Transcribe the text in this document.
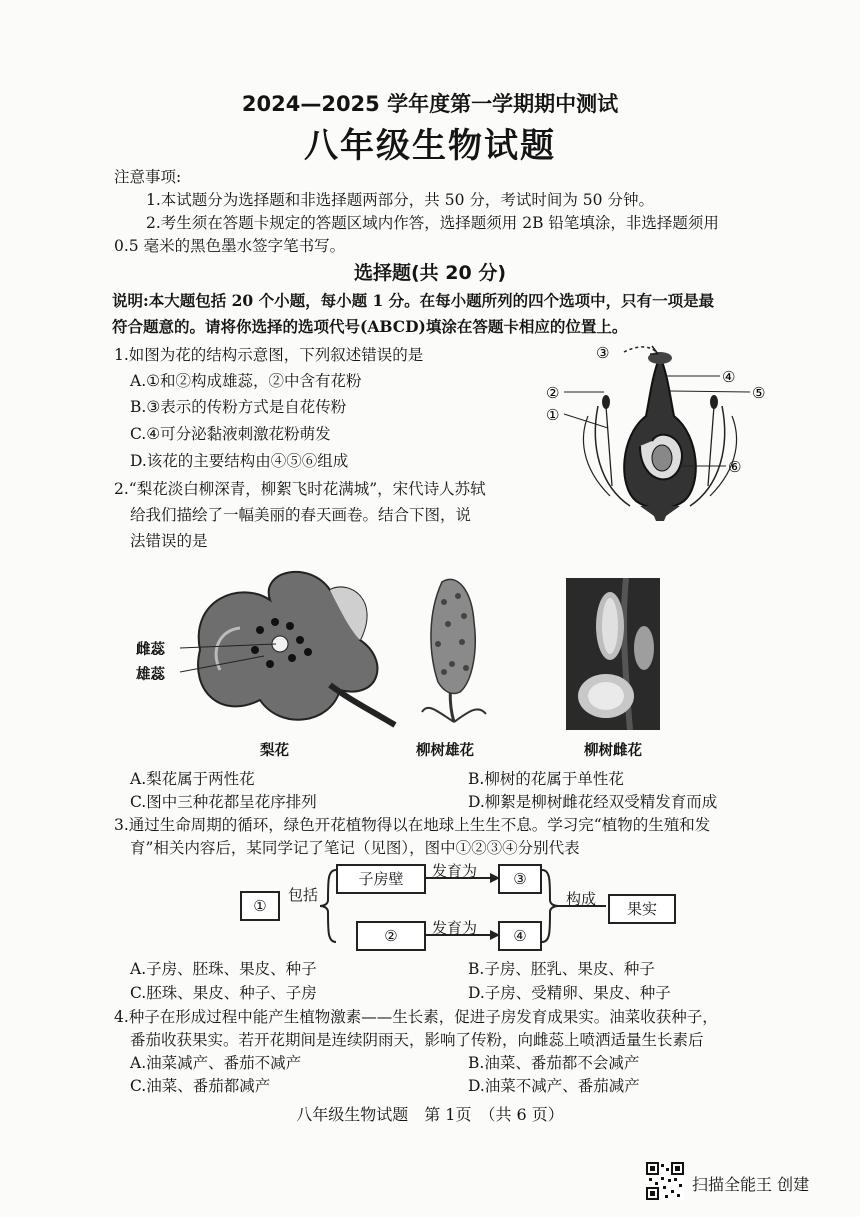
2024—2025 学年度第一学期期中测试
八年级生物试题
注意事项:
1.本试题分为选择题和非选择题两部分，共 50 分，考试时间为 50 分钟。
2.考生须在答题卡规定的答题区域内作答，选择题须用 2B 铅笔填涂，非选择题须用
0.5 毫米的黑色墨水签字笔书写。
选择题(共 20 分)
说明:本大题包括 20 个小题，每小题 1 分。在每小题所列的四个选项中，只有一项是最
符合题意的。请将你选择的选项代号(ABCD)填涂在答题卡相应的位置上。
1.如图为花的结构示意图，下列叙述错误的是
A.①和②构成雄蕊，②中含有花粉
B.③表示的传粉方式是自花传粉
C.④可分泌黏液刺激花粉萌发
D.该花的主要结构由④⑤⑥组成
③
④
②	⑤
①
⑥
2.“梨花淡白柳深青，柳絮飞时花满城”，宋代诗人苏轼
给我们描绘了一幅美丽的春天画卷。结合下图，说
法错误的是
雌蕊
雄蕊
梨花	柳树雄花	柳树雌花
A.梨花属于两性花	B.柳树的花属于单性花
C.图中三种花都呈花序排列	D.柳絮是柳树雌花经双受精发育而成
3.通过生命周期的循环，绿色开花植物得以在地球上生生不息。学习完“植物的生殖和发
育”相关内容后，某同学记了笔记（见图），图中①②③④分别代表
①
包括
子房壁	发育为	③
②	发育为	④
构成
果实
A.子房、胚珠、果皮、种子	B.子房、胚乳、果皮、种子
C.胚珠、果皮、种子、子房	D.子房、受精卵、果皮、种子
4.种子在形成过程中能产生植物激素——生长素，促进子房发育成果实。油菜收获种子，
番茄收获果实。若开花期间是连续阴雨天，影响了传粉，向雌蕊上喷洒适量生长素后
A.油菜减产、番茄不减产	B.油菜、番茄都不会减产
C.油菜、番茄都减产	D.油菜不减产、番茄减产
八年级生物试题　第 1页　（共 6 页）
扫描全能王 创建
